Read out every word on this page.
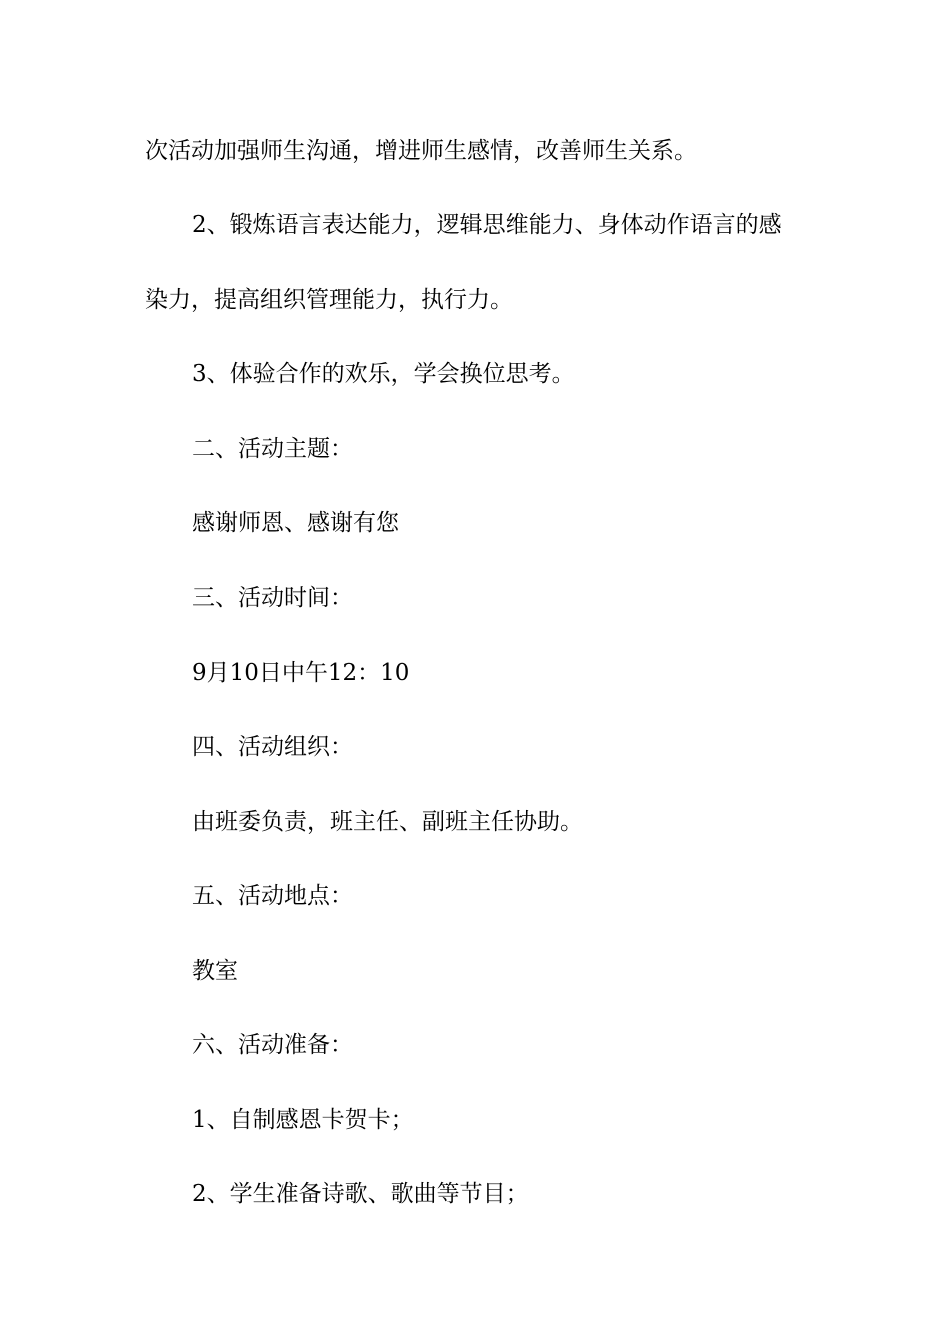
次活动加强师生沟通，增进师生感情，改善师生关系。

2、锻炼语言表达能力，逻辑思维能力、身体动作语言的感

染力，提高组织管理能力，执行力。

3、体验合作的欢乐，学会换位思考。

二、活动主题：

感谢师恩、感谢有您

三、活动时间：

9月10日中午12：10

四、活动组织：

由班委负责，班主任、副班主任协助。

五、活动地点：

教室

六、活动准备：

1、自制感恩卡贺卡；

2、学生准备诗歌、歌曲等节目；
